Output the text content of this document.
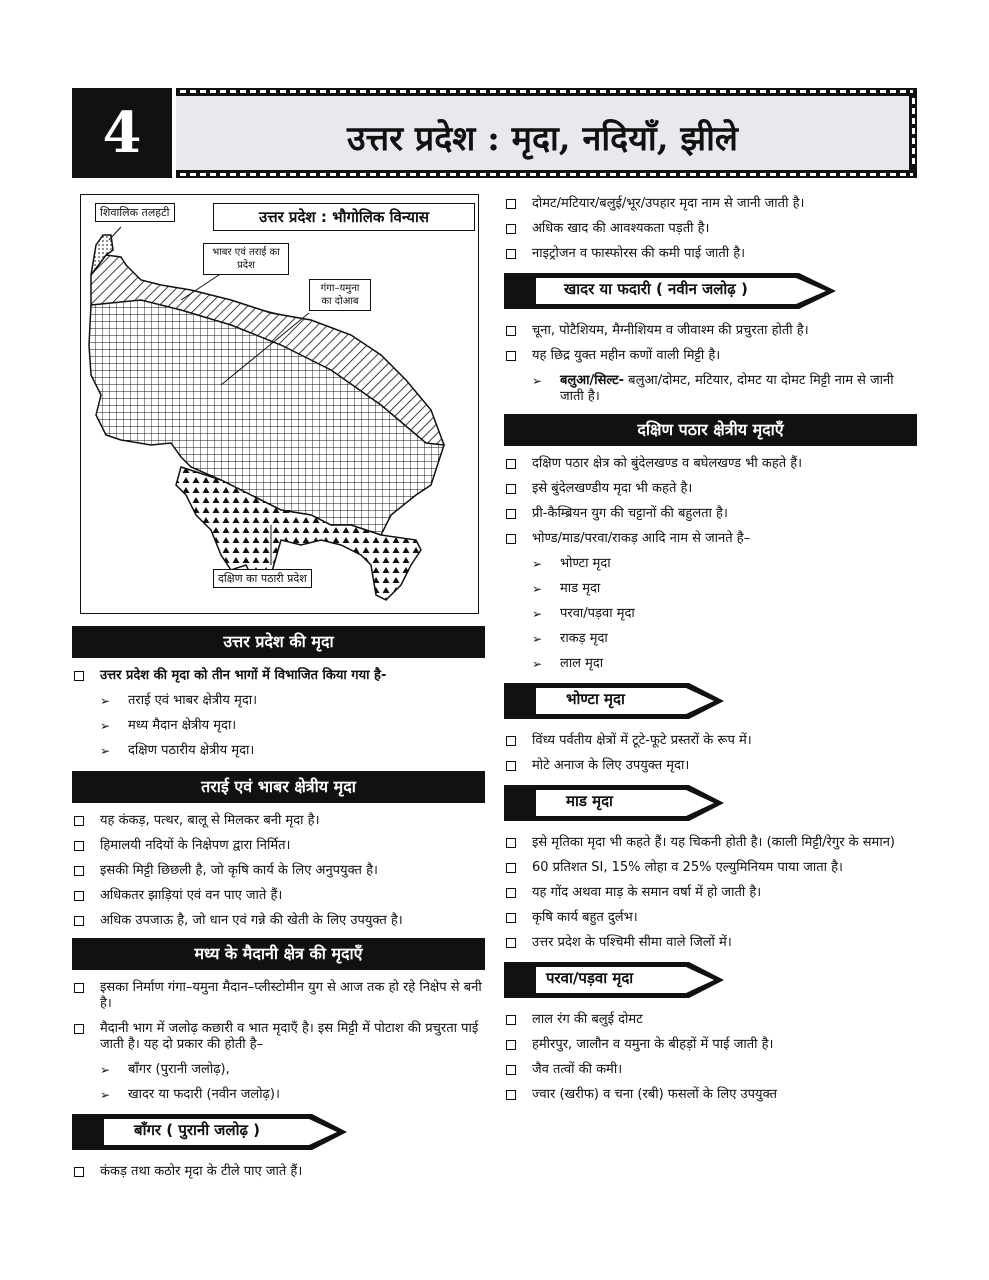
4	उत्तर प्रदेश : मृदा, नदियाँ, झीले
उत्तर प्रदेश : भौगोलिक विन्यास
शिवालिक तलहटी
भाबर एवं तराई का प्रदेश
गंगा–यमुना का दोआब
दक्षिण का पठारी प्रदेश
उत्तर प्रदेश की मृदा
उत्तर प्रदेश की मृदा को तीन भागों में विभाजित किया गया है-
➢ तराई एवं भाबर क्षेत्रीय मृदा।
➢ मध्य मैदान क्षेत्रीय मृदा।
➢ दक्षिण पठारीय क्षेत्रीय मृदा।
तराई एवं भाबर क्षेत्रीय मृदा
यह कंकड़, पत्थर, बालू से मिलकर बनी मृदा है।
हिमालयी नदियों के निक्षेपण द्वारा निर्मित।
इसकी मिट्टी छिछली है, जो कृषि कार्य के लिए अनुपयुक्त है।
अधिकतर झाड़ियां एवं वन पाए जाते हैं।
अधिक उपजाऊ है, जो धान एवं गन्ने की खेती के लिए उपयुक्त है।
मध्य के मैदानी क्षेत्र की मृदाएँ
इसका निर्माण गंगा–यमुना मैदान–प्लीस्टोमीन युग से आज तक हो रहे निक्षेप से बनी है।
मैदानी भाग में जलोढ़ कछारी व भात मृदाएँ है। इस मिट्टी में पोटाश की प्रचुरता पाई जाती है। यह दो प्रकार की होती है–
➢ बाँगर (पुरानी जलोढ़),
➢ खादर या फदारी (नवीन जलोढ़)।
बाँगर ( पुरानी जलोढ़ )
कंकड़ तथा कठोर मृदा के टीले पाए जाते हैं।
दोमट/मटियार/बलुई/भूर/उपहार मृदा नाम से जानी जाती है।
अधिक खाद की आवश्यकता पड़ती है।
नाइट्रोजन व फास्फोरस की कमी पाई जाती है।
खादर या फदारी ( नवीन जलोढ़ )
चूना, पोटैशियम, मैग्नीशियम व जीवाश्म की प्रचुरता होती है।
यह छिद्र युक्त महीन कणों वाली मिट्टी है।
➢ बलुआ/सिल्ट- बलुआ/दोमट, मटियार, दोमट या दोमट मिट्टी नाम से जानी जाती है।
दक्षिण पठार क्षेत्रीय मृदाएँ
दक्षिण पठार क्षेत्र को बुंदेलखण्ड व बघेलखण्ड भी कहते हैं।
इसे बुंदेलखण्डीय मृदा भी कहते है।
प्री-कैम्ब्रियन युग की चट्टानों की बहुलता है।
भोण्ड/माड/परवा/राकड़ आदि नाम से जानते है–
➢ भोण्टा मृदा
➢ माड मृदा
➢ परवा/पड़वा मृदा
➢ राकड़ मृदा
➢ लाल मृदा
भोण्टा मृदा
विंध्य पर्वतीय क्षेत्रों में टूटे-फूटे प्रस्तरों के रूप में।
मोटे अनाज के लिए उपयुक्त मृदा।
माड मृदा
इसे मृतिका मृदा भी कहते हैं। यह चिकनी होती है। (काली मिट्टी/रेगुर के समान)
60 प्रतिशत SI, 15% लोहा व 25% एल्युमिनियम पाया जाता है।
यह गोंद अथवा माड़ के समान वर्षा में हो जाती है।
कृषि कार्य बहुत दुर्लभ।
उत्तर प्रदेश के पश्चिमी सीमा वाले जिलों में।
परवा/पड़वा मृदा
लाल रंग की बलुई दोमट
हमीरपुर, जालौन व यमुना के बीहड़ों में पाई जाती है।
जैव तत्वों की कमी।
ज्वार (खरीफ) व चना (रबी) फसलों के लिए उपयुक्त
